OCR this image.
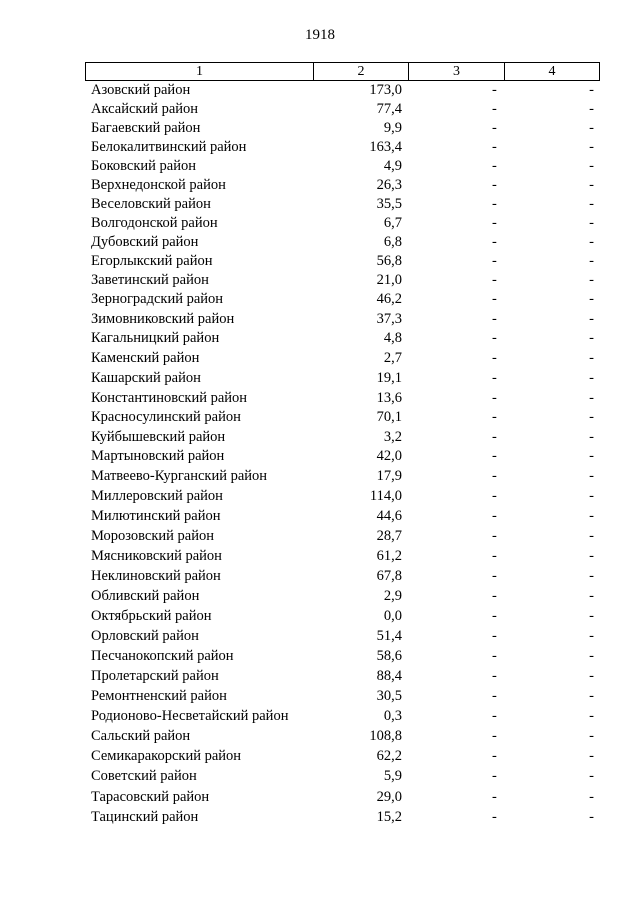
1918
1	2	3	4
Азовский район	173,0	-	-
Аксайский район	77,4	-	-
Багаевский район	9,9	-	-
Белокалитвинский район	163,4	-	-
Боковский район	4,9	-	-
Верхнедонской район	26,3	-	-
Веселовский район	35,5	-	-
Волгодонской район	6,7	-	-
Дубовский район	6,8	-	-
Егорлыкский район	56,8	-	-
Заветинский район	21,0	-	-
Зерноградский район	46,2	-	-
Зимовниковский район	37,3	-	-
Кагальницкий район	4,8	-	-
Каменский район	2,7	-	-
Кашарский район	19,1	-	-
Константиновский район	13,6	-	-
Красносулинский район	70,1	-	-
Куйбышевский район	3,2	-	-
Мартыновский район	42,0	-	-
Матвеево-Курганский район	17,9	-	-
Миллеровский район	114,0	-	-
Милютинский район	44,6	-	-
Морозовский район	28,7	-	-
Мясниковский район	61,2	-	-
Неклиновский район	67,8	-	-
Обливский район	2,9	-	-
Октябрьский район	0,0	-	-
Орловский район	51,4	-	-
Песчанокопский район	58,6	-	-
Пролетарский район	88,4	-	-
Ремонтненский район	30,5	-	-
Родионово-Несветайский район	0,3	-	-
Сальский район	108,8	-	-
Семикаракорский район	62,2	-	-
Советский район	5,9	-	-
Тарасовский район	29,0	-	-
Тацинский район	15,2	-	-
